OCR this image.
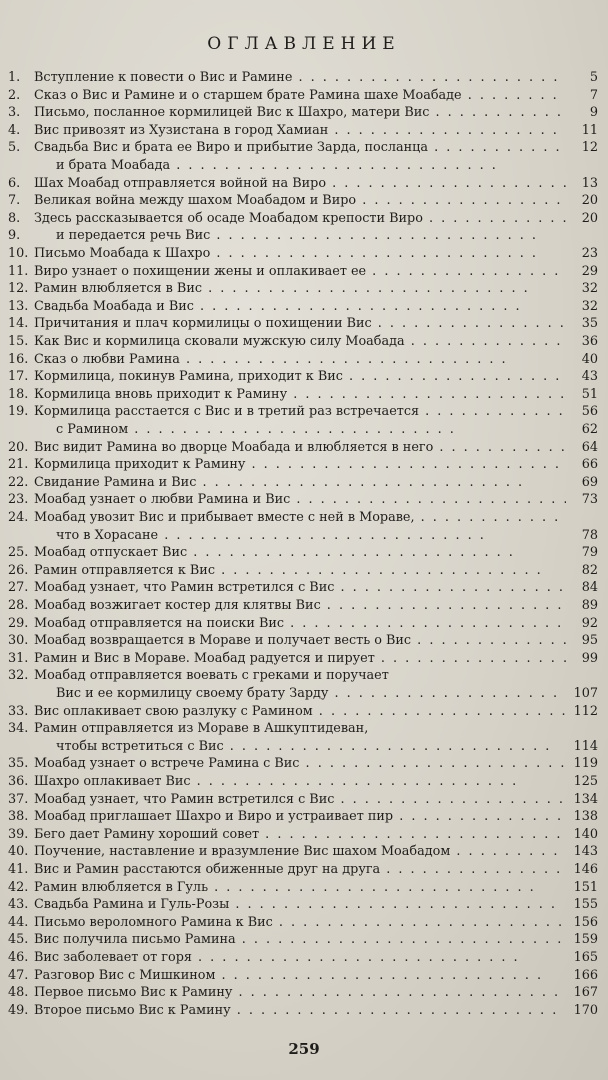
ОГЛАВЛЕНИЕ
1.	Вступление к повести о Вис и Рамине . .	5
2.	Сказ о Вис и Рамине и о старшем брате Рамина шахе Моабаде . .	7
3.	Письмо, посланное кормилицей Вис к Шахро, матери Вис . .	9
4.	Вис привозят из Хузистана в город Хамиан . .	11
5.	Свадьба Вис и брата ее Виро и прибытие Зарда, посланца . .	12
и брата Моабада . .
6.	Шах Моабад отправляется войной на Виро . .	13
7.	Великая война между шахом Моабадом и Виро . .	20
8.	Здесь рассказывается об осаде Моабадом крепости Виро . .	20
9.	и передается речь Вис . .
10. Письмо Моабада к Шахро . .	23
11. Виро узнает о похищении жены и оплакивает ее . .	29
12. Рамин влюбляется в Вис . .	32
13. Свадьба Моабада и Вис . .	32
14. Причитания и плач кормилицы о похищении Вис . .	35
15. Как Вис и кормилица сковали мужскую силу Моабада . .	36
16. Сказ о любви Рамина . .	40
17. Кормилица, покинув Рамина, приходит к Вис . .	43
18. Кормилица вновь приходит к Рамину . .	51
19. Кормилица расстается с Вис и в третий раз встречается . .	56
с Рамином . .	62
20. Вис видит Рамина во дворце Моабада и влюбляется в него . .	64
21. Кормилица приходит к Рамину . .	66
22. Свидание Рамина и Вис . .	69
23. Моабад узнает о любви Рамина и Вис . .	73
24. Моабад увозит Вис и прибывает вместе с ней в Мораве, . .
что в Хорасане . .	78
25. Моабад отпускает Вис . .	79
26. Рамин отправляется к Вис . .	82
27. Моабад узнает, что Рамин встретился с Вис . .	84
28. Моабад возжигает костер для клятвы Вис . .	89
29. Моабад отправляется на поиски Вис . .	92
30. Моабад возвращается в Мораве и получает весть о Вис . .	95
31. Рамин и Вис в Мораве. Моабад радуется и пирует . .	99
32. Моабад отправляется воевать с греками и поручает
Вис и ее кормилицу своему брату Зарду . .	107
33. Вис оплакивает свою разлуку с Рамином . .	112
34. Рамин отправляется из Мораве в Ашкуптидеван,
чтобы встретиться с Вис . .	114
35. Моабад узнает о встрече Рамина с Вис . .	119
36. Шахро оплакивает Вис . .	125
37. Моабад узнает, что Рамин встретился с Вис . .	134
38. Моабад приглашает Шахро и Виро и устраивает пир . .	138
39. Бего дает Рамину хороший совет . .	140
40. Поучение, наставление и вразумление Вис шахом Моабадом . .	143
41. Вис и Рамин расстаются обиженные друг на друга . .	146
42. Рамин влюбляется в Гуль . .	151
43. Свадьба Рамина и Гуль-Розы . .	155
44. Письмо вероломного Рамина к Вис . .	156
45. Вис получила письмо Рамина . .	159
46. Вис заболевает от горя . .	165
47. Разговор Вис с Мишкином . .	166
48. Первое письмо Вис к Рамину . .	167
49. Второе письмо Вис к Рамину . .	170
259
